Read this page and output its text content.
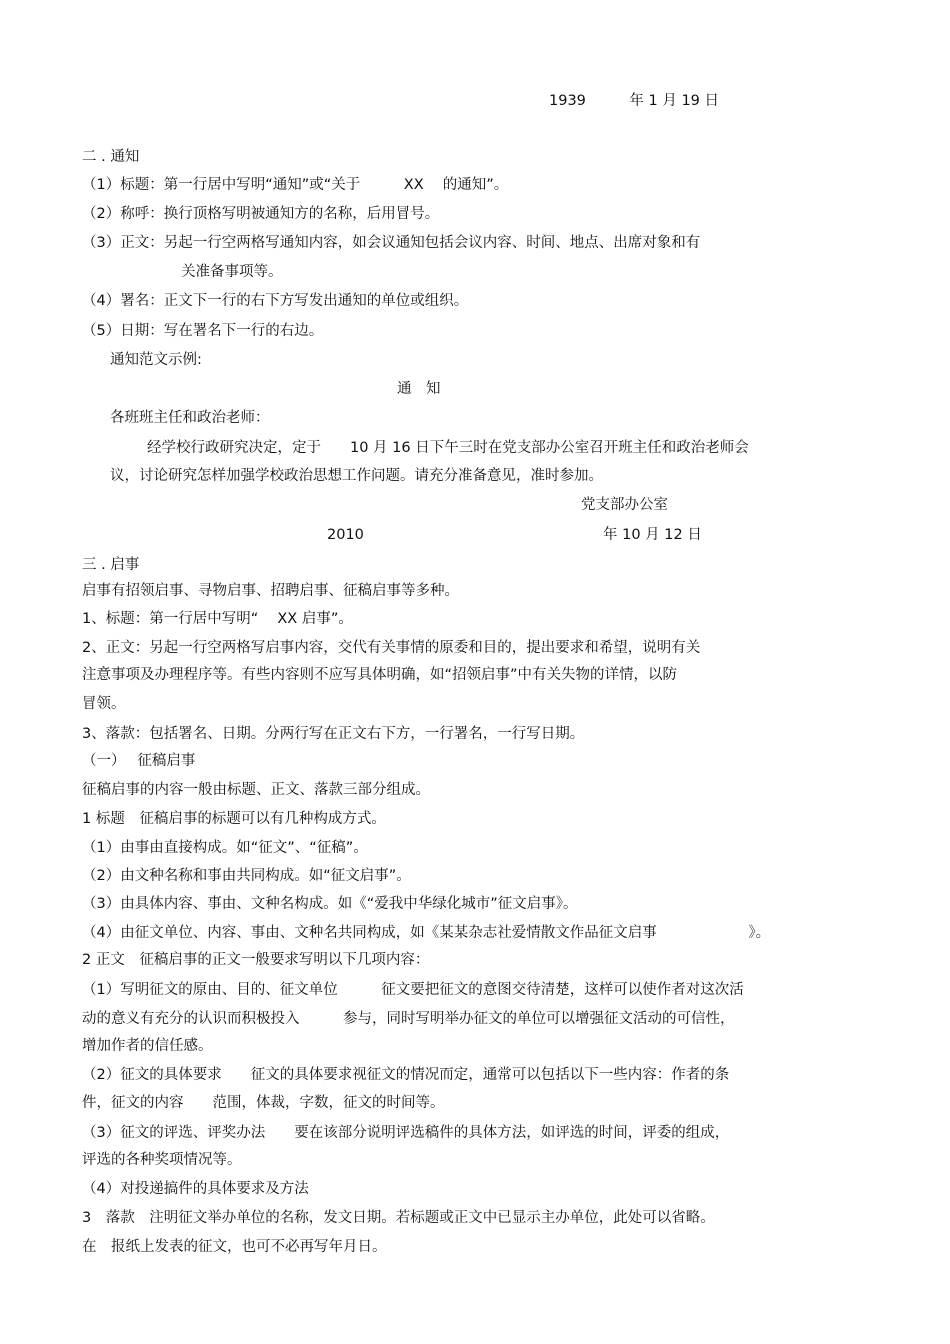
1939　　　年 1 月 19 日
二 . 通知
（1）标题：第一行居中写明“通知”或“关于　　　XX　 的通知”。
（2）称呼：换行顶格写明被通知方的名称，后用冒号。
（3）正文：另起一行空两格写通知内容，如会议通知包括会议内容、时间、地点、出席对象和有
关准备事项等。
（4）署名：正文下一行的右下方写发出通知的单位或组织。
（5）日期：写在署名下一行的右边。
通知范文示例:
通　知
各班班主任和政治老师：
经学校行政研究决定，定于　　10 月 16 日下午三时在党支部办公室召开班主任和政治老师会
议，讨论研究怎样加强学校政治思想工作问题。请充分准备意见，准时参加。
党支部办公室
2010	年 10 月 12 日
三 . 启事
启事有招领启事、寻物启事、招聘启事、征稿启事等多种。
1、标题：第一行居中写明“　 XX 启事”。
2、正文：另起一行空两格写启事内容，交代有关事情的原委和目的，提出要求和希望，说明有关
注意事项及办理程序等。有些内容则不应写具体明确，如“招领启事”中有关失物的详情，以防
冒领。
3、落款：包括署名、日期。分两行写在正文右下方，一行署名，一行写日期。
（一）　 征稿启事
征稿启事的内容一般由标题、正文、落款三部分组成。
1 标题　征稿启事的标题可以有几种构成方式。
（1）由事由直接构成。如“征文”、“征稿”。
（2）由文种名称和事由共同构成。如“征文启事”。
（3）由具体内容、事由、文种名构成。如《“爱我中华绿化城市”征文启事》。
（4）由征文单位、内容、事由、文种名共同构成，如《某某杂志社爱情散文作品征文启事　　　　　　 》。
2 正文　征稿启事的正文一般要求写明以下几项内容：
（1）写明征文的原由、目的、征文单位　　　征文要把征文的意图交待清楚，这样可以使作者对这次活
动的意义有充分的认识而积极投入　　　参与，同时写明举办征文的单位可以增强征文活动的可信性，
增加作者的信任感。
（2）征文的具体要求　　征文的具体要求视征文的情况而定，通常可以包括以下一些内容：作者的条
件，征文的内容　　范围，体裁，字数，征文的时间等。
（3）征文的评选、评奖办法　　要在该部分说明评选稿件的具体方法，如评选的时间，评委的组成，
评选的各种奖项情况等。
（4）对投递搞件的具体要求及方法
3　落款　注明征文举办单位的名称，发文日期。若标题或正文中已显示主办单位，此处可以省略。
在　报纸上发表的征文，也可不必再写年月日。
